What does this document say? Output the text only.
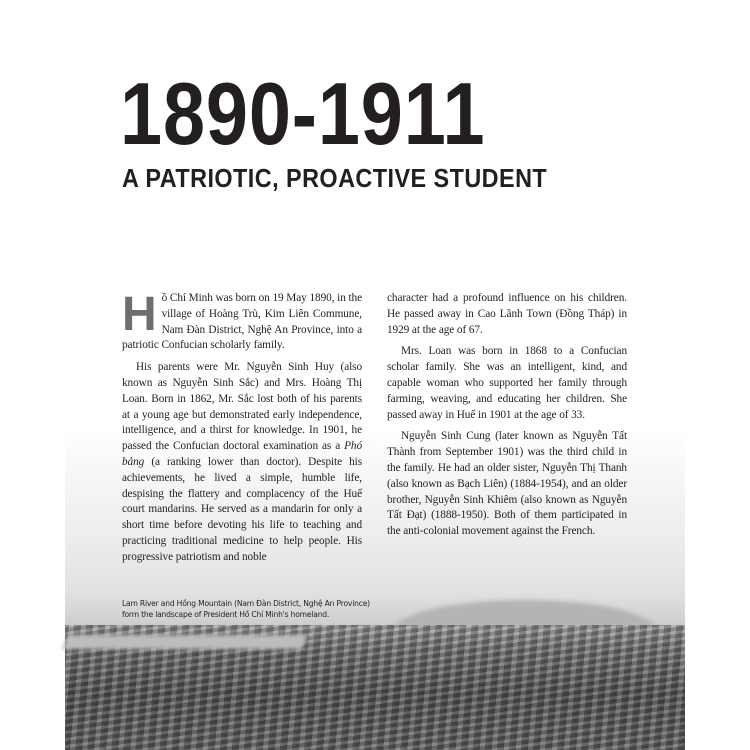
1890-1911
A PATRIOTIC, PROACTIVE STUDENT

Hồ Chí Minh was born on 19 May 1890, in the village of Hoàng Trù, Kim Liên Commune, Nam Đàn District, Nghệ An Province, into a patriotic Confucian scholarly family.

His parents were Mr. Nguyễn Sinh Huy (also known as Nguyễn Sinh Sắc) and Mrs. Hoàng Thị Loan. Born in 1862, Mr. Sắc lost both of his parents at a young age but demonstrated early independence, intelligence, and a thirst for knowledge. In 1901, he passed the Confucian doctoral examination as a Phó bảng (a ranking lower than doctor). Despite his achievements, he lived a simple, humble life, despising the flattery and complacency of the Huế court mandarins. He served as a mandarin for only a short time before devoting his life to teaching and practicing traditional medicine to help people. His progressive patriotism and noble

character had a profound influence on his children. He passed away in Cao Lãnh Town (Đồng Tháp) in 1929 at the age of 67.

Mrs. Loan was born in 1868 to a Confucian scholar family. She was an intelligent, kind, and capable woman who supported her family through farming, weaving, and educating her children. She passed away in Huế in 1901 at the age of 33.

Nguyễn Sinh Cung (later known as Nguyễn Tất Thành from September 1901) was the third child in the family. He had an older sister, Nguyễn Thị Thanh (also known as Bạch Liên) (1884-1954), and an older brother, Nguyễn Sinh Khiêm (also known as Nguyễn Tất Đạt) (1888-1950). Both of them participated in the anti-colonial movement against the French.

Lam River and Hồng Mountain (Nam Đàn District, Nghệ An Province)
form the landscape of President Hồ Chí Minh's homeland.
